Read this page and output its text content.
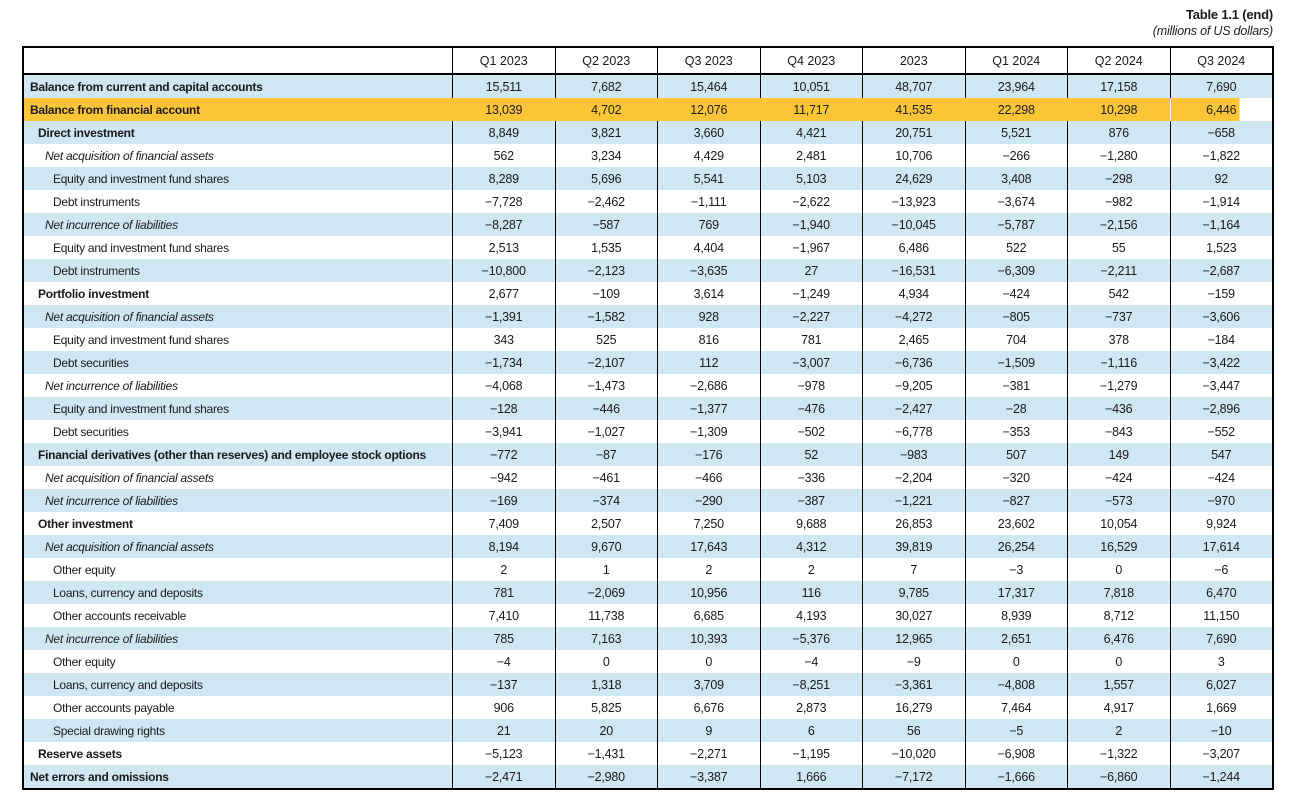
Table 1.1 (end)
(millions of US dollars)
	Q1 2023	Q2 2023	Q3 2023	Q4 2023	2023	Q1 2024	Q2 2024	Q3 2024
Balance from current and capital accounts	15,511	7,682	15,464	10,051	48,707	23,964	17,158	7,690
Balance from financial account	13,039	4,702	12,076	11,717	41,535	22,298	10,298	6,446
Direct investment	8,849	3,821	3,660	4,421	20,751	5,521	876	−658
Net acquisition of financial assets	562	3,234	4,429	2,481	10,706	−266	−1,280	−1,822
Equity and investment fund shares	8,289	5,696	5,541	5,103	24,629	3,408	−298	92
Debt instruments	−7,728	−2,462	−1,111	−2,622	−13,923	−3,674	−982	−1,914
Net incurrence of liabilities	−8,287	−587	769	−1,940	−10,045	−5,787	−2,156	−1,164
Equity and investment fund shares	2,513	1,535	4,404	−1,967	6,486	522	55	1,523
Debt instruments	−10,800	−2,123	−3,635	27	−16,531	−6,309	−2,211	−2,687
Portfolio investment	2,677	−109	3,614	−1,249	4,934	−424	542	−159
Net acquisition of financial assets	−1,391	−1,582	928	−2,227	−4,272	−805	−737	−3,606
Equity and investment fund shares	343	525	816	781	2,465	704	378	−184
Debt securities	−1,734	−2,107	112	−3,007	−6,736	−1,509	−1,116	−3,422
Net incurrence of liabilities	−4,068	−1,473	−2,686	−978	−9,205	−381	−1,279	−3,447
Equity and investment fund shares	−128	−446	−1,377	−476	−2,427	−28	−436	−2,896
Debt securities	−3,941	−1,027	−1,309	−502	−6,778	−353	−843	−552
Financial derivatives (other than reserves) and employee stock options	−772	−87	−176	52	−983	507	149	547
Net acquisition of financial assets	−942	−461	−466	−336	−2,204	−320	−424	−424
Net incurrence of liabilities	−169	−374	−290	−387	−1,221	−827	−573	−970
Other investment	7,409	2,507	7,250	9,688	26,853	23,602	10,054	9,924
Net acquisition of financial assets	8,194	9,670	17,643	4,312	39,819	26,254	16,529	17,614
Other equity	2	1	2	2	7	−3	0	−6
Loans, currency and deposits	781	−2,069	10,956	116	9,785	17,317	7,818	6,470
Other accounts receivable	7,410	11,738	6,685	4,193	30,027	8,939	8,712	11,150
Net incurrence of liabilities	785	7,163	10,393	−5,376	12,965	2,651	6,476	7,690
Other equity	−4	0	0	−4	−9	0	0	3
Loans, currency and deposits	−137	1,318	3,709	−8,251	−3,361	−4,808	1,557	6,027
Other accounts payable	906	5,825	6,676	2,873	16,279	7,464	4,917	1,669
Special drawing rights	21	20	9	6	56	−5	2	−10
Reserve assets	−5,123	−1,431	−2,271	−1,195	−10,020	−6,908	−1,322	−3,207
Net errors and omissions	−2,471	−2,980	−3,387	1,666	−7,172	−1,666	−6,860	−1,244
